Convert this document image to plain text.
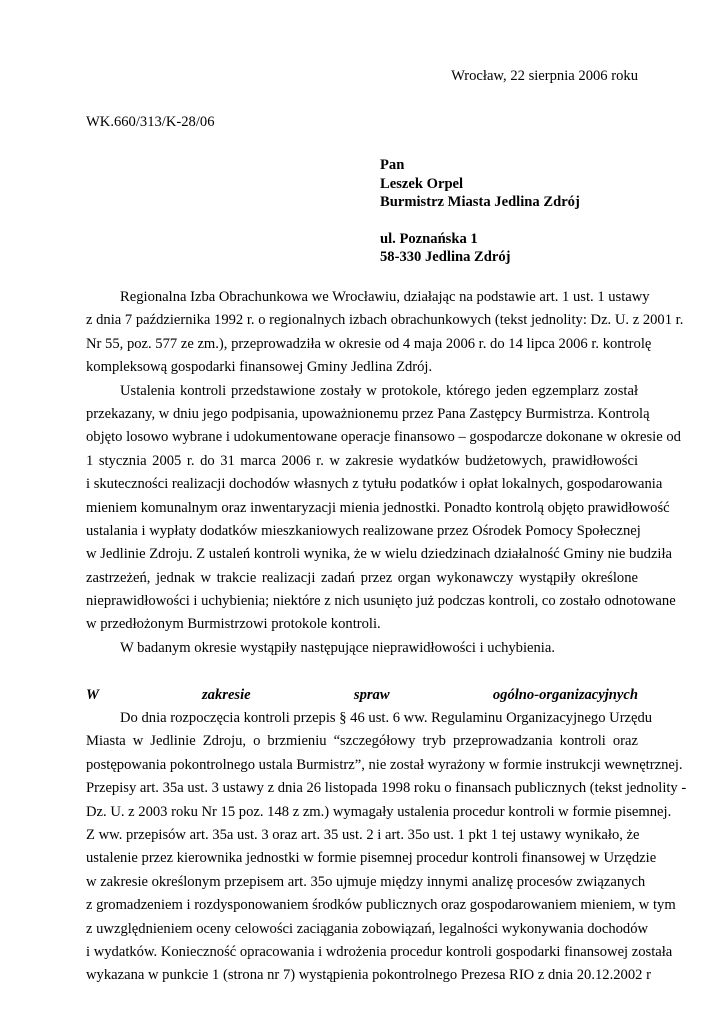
Wrocław, 22 sierpnia 2006 roku
WK.660/313/K-28/06
Pan
Leszek Orpel
Burmistrz Miasta Jedlina Zdrój
ul. Poznańska 1
58-330 Jedlina Zdrój
Regionalna Izba Obrachunkowa we Wrocławiu, działając na podstawie art. 1 ust. 1 ustawy
z dnia 7 października 1992 r. o regionalnych izbach obrachunkowych (tekst jednolity: Dz. U. z 2001 r.
Nr 55, poz. 577 ze zm.), przeprowadziła w okresie od 4 maja 2006 r. do 14 lipca 2006 r. kontrolę
kompleksową gospodarki finansowej Gminy Jedlina Zdrój.
Ustalenia kontroli przedstawione zostały w protokole, którego jeden egzemplarz został
przekazany, w dniu jego podpisania, upoważnionemu przez Pana Zastępcy Burmistrza. Kontrolą
objęto losowo wybrane i udokumentowane operacje finansowo – gospodarcze dokonane w okresie od
1 stycznia 2005 r. do 31 marca 2006 r. w zakresie wydatków budżetowych, prawidłowości
i skuteczności realizacji dochodów własnych z tytułu podatków i opłat lokalnych, gospodarowania
mieniem komunalnym oraz inwentaryzacji mienia jednostki. Ponadto kontrolą objęto prawidłowość
ustalania i wypłaty dodatków mieszkaniowych realizowane przez Ośrodek Pomocy Społecznej
w Jedlinie Zdroju. Z ustaleń kontroli wynika, że w wielu dziedzinach działalność Gminy nie budziła
zastrzeżeń, jednak w trakcie realizacji zadań przez organ wykonawczy wystąpiły określone
nieprawidłowości i uchybienia; niektóre z nich usunięto już podczas kontroli, co zostało odnotowane
w przedłożonym Burmistrzowi protokole kontroli.
W badanym okresie wystąpiły następujące nieprawidłowości i uchybienia.
W zakresie spraw ogólno-organizacyjnych
Do dnia rozpoczęcia kontroli przepis § 46 ust. 6 ww. Regulaminu Organizacyjnego Urzędu
Miasta w Jedlinie Zdroju, o brzmieniu “szczegółowy tryb przeprowadzania kontroli oraz
postępowania pokontrolnego ustala Burmistrz”, nie został wyrażony w formie instrukcji wewnętrznej.
Przepisy art. 35a ust. 3 ustawy z dnia 26 listopada 1998 roku o finansach publicznych (tekst jednolity -
Dz. U. z 2003 roku Nr 15 poz. 148 z zm.) wymagały ustalenia procedur kontroli w formie pisemnej.
Z ww. przepisów art. 35a ust. 3 oraz art. 35 ust. 2 i art. 35o ust. 1 pkt 1 tej ustawy wynikało, że
ustalenie przez kierownika jednostki w formie pisemnej procedur kontroli finansowej w Urzędzie
w zakresie określonym przepisem art. 35o ujmuje między innymi analizę procesów związanych
z gromadzeniem i rozdysponowaniem środków publicznych oraz gospodarowaniem mieniem, w tym
z uwzględnieniem oceny celowości zaciągania zobowiązań, legalności wykonywania dochodów
i wydatków. Konieczność opracowania i wdrożenia procedur kontroli gospodarki finansowej została
wykazana w punkcie 1 (strona nr 7) wystąpienia pokontrolnego Prezesa RIO z dnia 20.12.2002 r
